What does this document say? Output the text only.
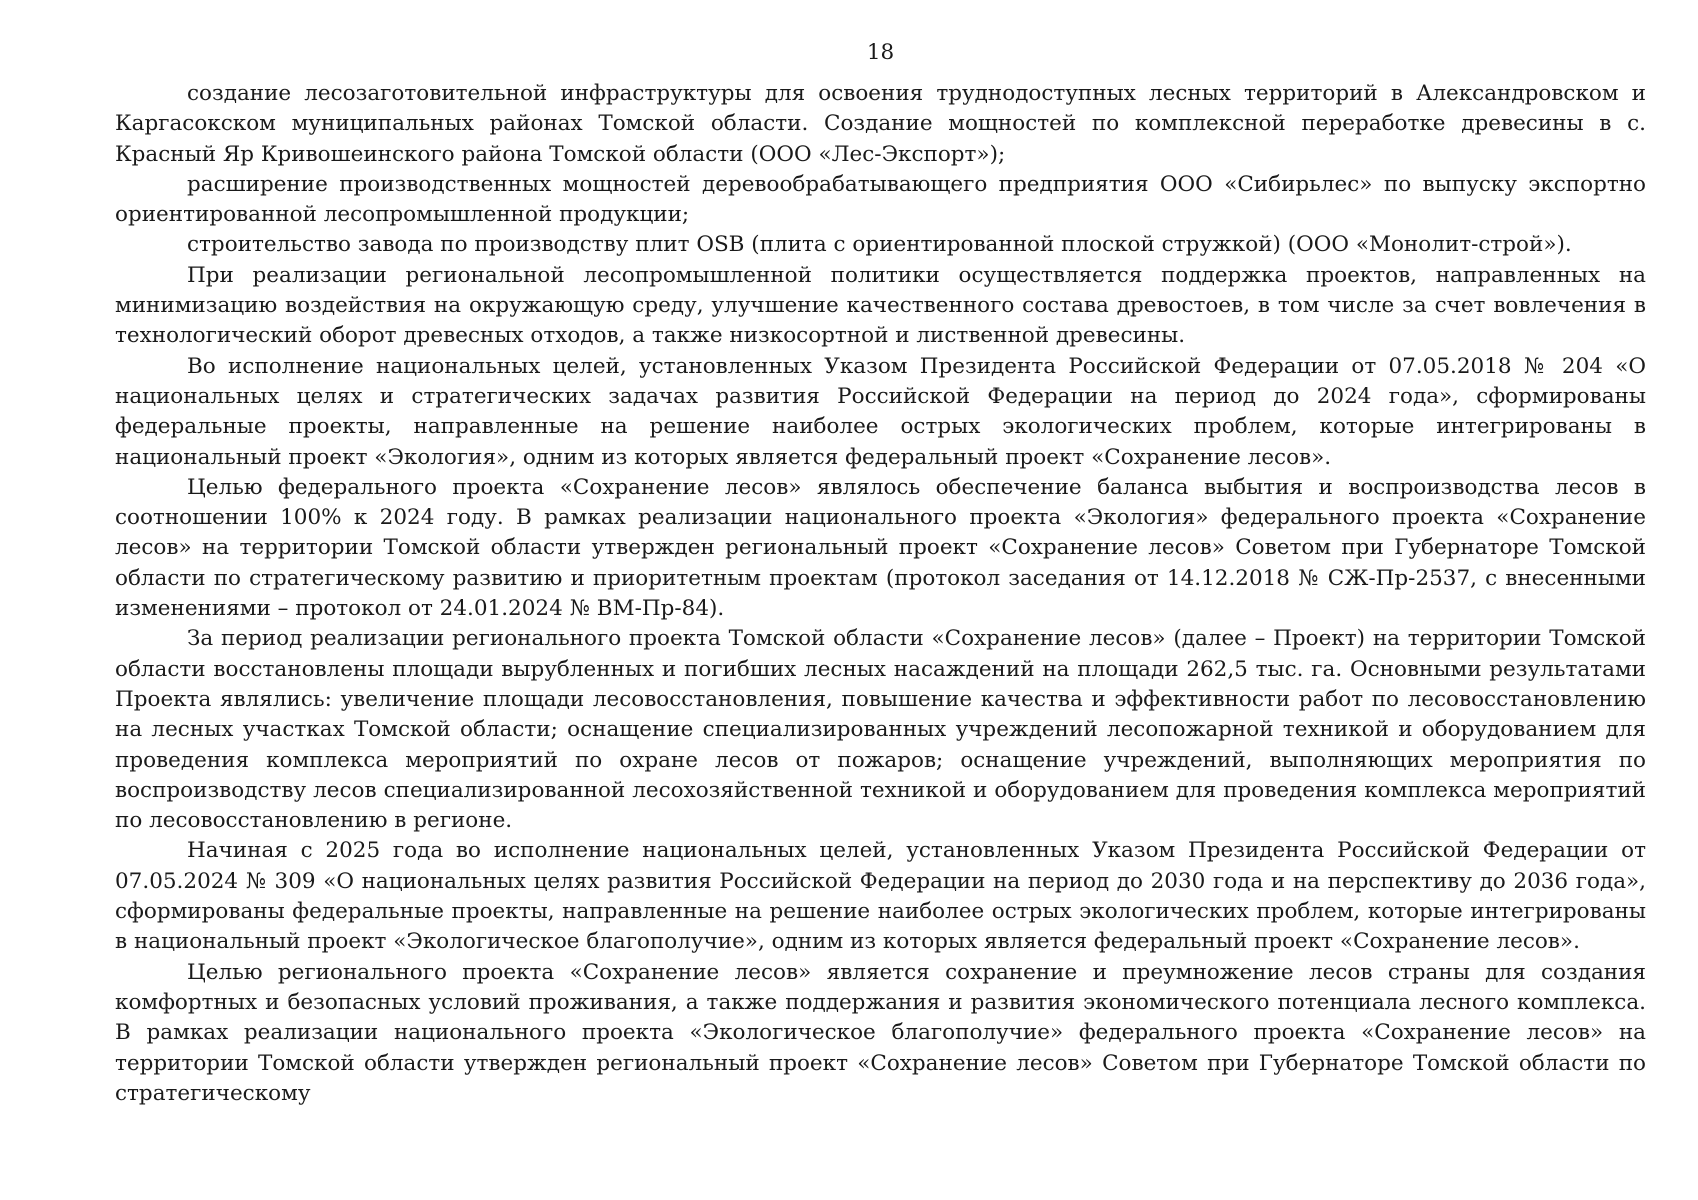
18

создание лесозаготовительной инфраструктуры для освоения труднодоступных лесных территорий в Александровском и Каргасокском муниципальных районах Томской области. Создание мощностей по комплексной переработке древесины в с. Красный Яр Кривошеинского района Томской области (ООО «Лес-Экспорт»);

расширение производственных мощностей деревообрабатывающего предприятия ООО «Сибирьлес» по выпуску экспортно ориентированной лесопромышленной продукции;

строительство завода по производству плит OSB (плита с ориентированной плоской стружкой) (ООО «Монолит-строй»).

При реализации региональной лесопромышленной политики осуществляется поддержка проектов, направленных на минимизацию воздействия на окружающую среду, улучшение качественного состава древостоев, в том числе за счет вовлечения в технологический оборот древесных отходов, а также низкосортной и лиственной древесины.

Во исполнение национальных целей, установленных Указом Президента Российской Федерации от 07.05.2018 № 204 «О национальных целях и стратегических задачах развития Российской Федерации на период до 2024 года», сформированы федеральные проекты, направленные на решение наиболее острых экологических проблем, которые интегрированы в национальный проект «Экология», одним из которых является федеральный проект «Сохранение лесов».

Целью федерального проекта «Сохранение лесов» являлось обеспечение баланса выбытия и воспроизводства лесов в соотношении 100% к 2024 году. В рамках реализации национального проекта «Экология» федерального проекта «Сохранение лесов» на территории Томской области утвержден региональный проект «Сохранение лесов» Советом при Губернаторе Томской области по стратегическому развитию и приоритетным проектам (протокол заседания от 14.12.2018 № СЖ-Пр-2537, с внесенными изменениями – протокол от 24.01.2024 № ВМ-Пр-84).

За период реализации регионального проекта Томской области «Сохранение лесов» (далее – Проект) на территории Томской области восстановлены площади вырубленных и погибших лесных насаждений на площади 262,5 тыс. га. Основными результатами Проекта являлись: увеличение площади лесовосстановления, повышение качества и эффективности работ по лесовосстановлению на лесных участках Томской области; оснащение специализированных учреждений лесопожарной техникой и оборудованием для проведения комплекса мероприятий по охране лесов от пожаров; оснащение учреждений, выполняющих мероприятия по воспроизводству лесов специализированной лесохозяйственной техникой и оборудованием для проведения комплекса мероприятий по лесовосстановлению в регионе.

Начиная с 2025 года во исполнение национальных целей, установленных Указом Президента Российской Федерации от 07.05.2024 № 309 «О национальных целях развития Российской Федерации на период до 2030 года и на перспективу до 2036 года», сформированы федеральные проекты, направленные на решение наиболее острых экологических проблем, которые интегрированы в национальный проект «Экологическое благополучие», одним из которых является федеральный проект «Сохранение лесов».

Целью регионального проекта «Сохранение лесов» является сохранение и преумножение лесов страны для создания комфортных и безопасных условий проживания, а также поддержания и развития экономического потенциала лесного комплекса. В рамках реализации национального проекта «Экологическое благополучие» федерального проекта «Сохранение лесов» на территории Томской области утвержден региональный проект «Сохранение лесов» Советом при Губернаторе Томской области по стратегическому
